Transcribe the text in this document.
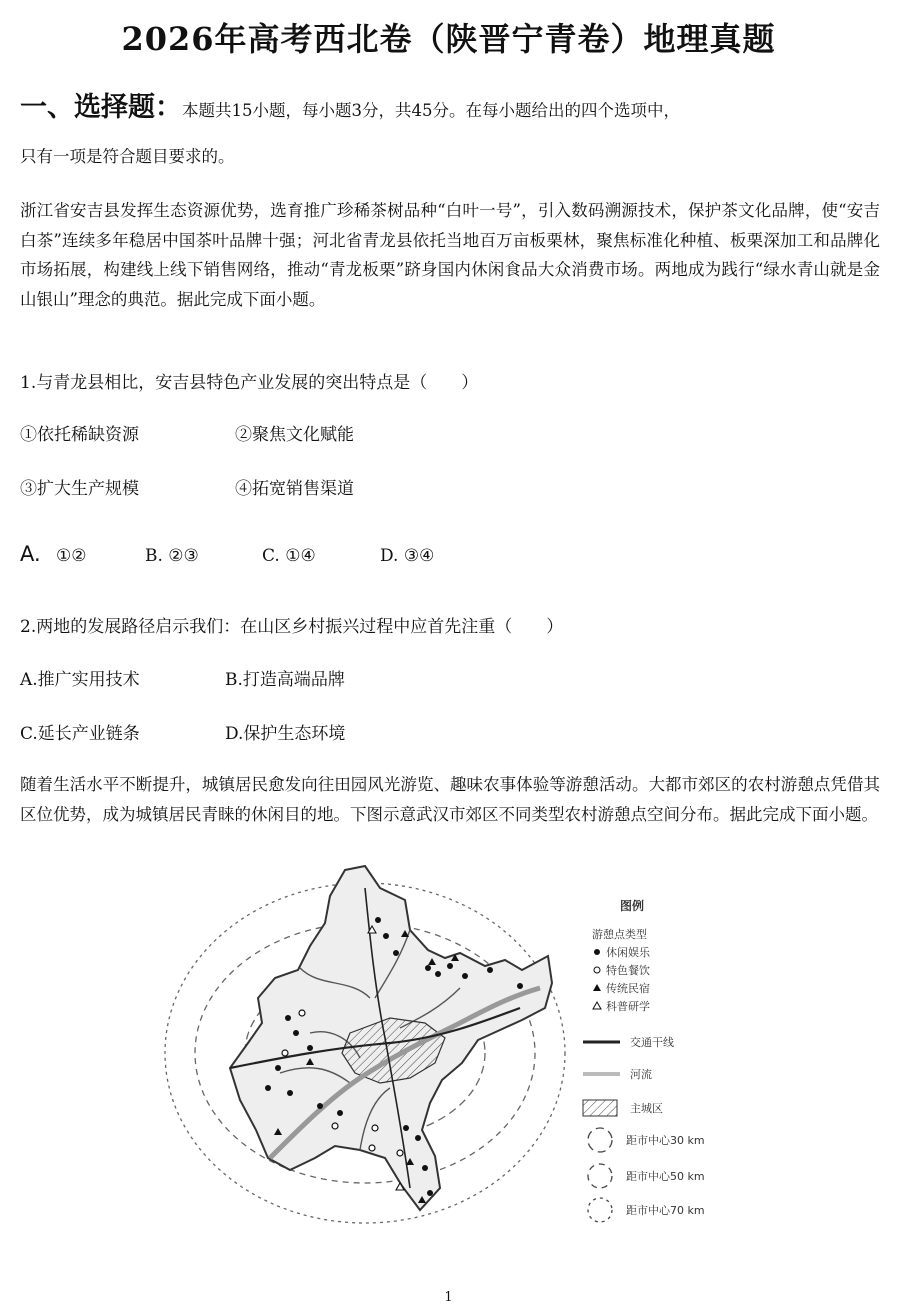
2026年高考西北卷（陕晋宁青卷）地理真题
一、选择题：本题共15小题，每小题3分，共45分。在每小题给出的四个选项中，
只有一项是符合题目要求的。
浙江省安吉县发挥生态资源优势，选育推广珍稀茶树品种“白叶一号”，引入数码溯源技术，保护茶文化品牌，使“安吉白茶”连续多年稳居中国茶叶品牌十强；河北省青龙县依托当地百万亩板栗林，聚焦标准化种植、板栗深加工和品牌化市场拓展，构建线上线下销售网络，推动“青龙板栗”跻身国内休闲食品大众消费市场。两地成为践行“绿水青山就是金山银山”理念的典范。据此完成下面小题。
1.与青龙县相比，安吉县特色产业发展的突出特点是（　　）
①依托稀缺资源	②聚焦文化赋能
③扩大生产规模	④拓宽销售渠道
A. ①②	B. ②③	C. ①④	D. ③④
2.两地的发展路径启示我们：在山区乡村振兴过程中应首先注重（　　）
A.推广实用技术	B.打造高端品牌
C.延长产业链条	D.保护生态环境
随着生活水平不断提升，城镇居民愈发向往田园风光游览、趣味农事体验等游憩活动。大都市郊区的农村游憩点凭借其区位优势，成为城镇居民青睐的休闲目的地。下图示意武汉市郊区不同类型农村游憩点空间分布。据此完成下面小题。
图例
游憩点类型
休闲娱乐
特色餐饮
传统民宿
科普研学
交通干线
河流
主城区
距市中心30 km
距市中心50 km
距市中心70 km
1
